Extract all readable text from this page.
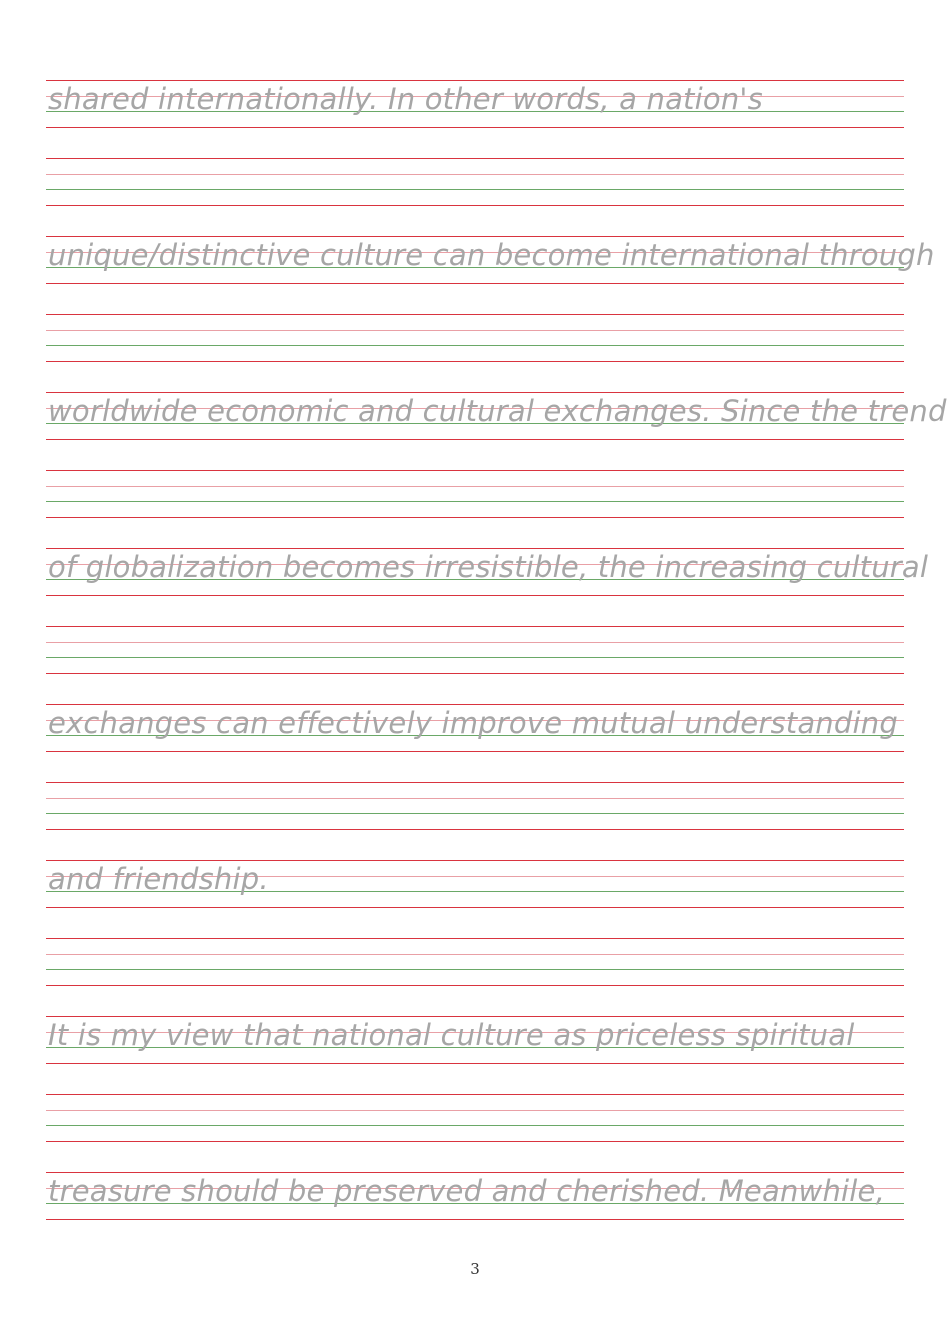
shared internationally. In other words, a nation's

unique/distinctive culture can become international through

worldwide economic and cultural exchanges. Since the trend

of globalization becomes irresistible, the increasing cultural

exchanges can effectively improve mutual understanding

and friendship.

It is my view that national culture as priceless spiritual

treasure should be preserved and cherished. Meanwhile,

3
